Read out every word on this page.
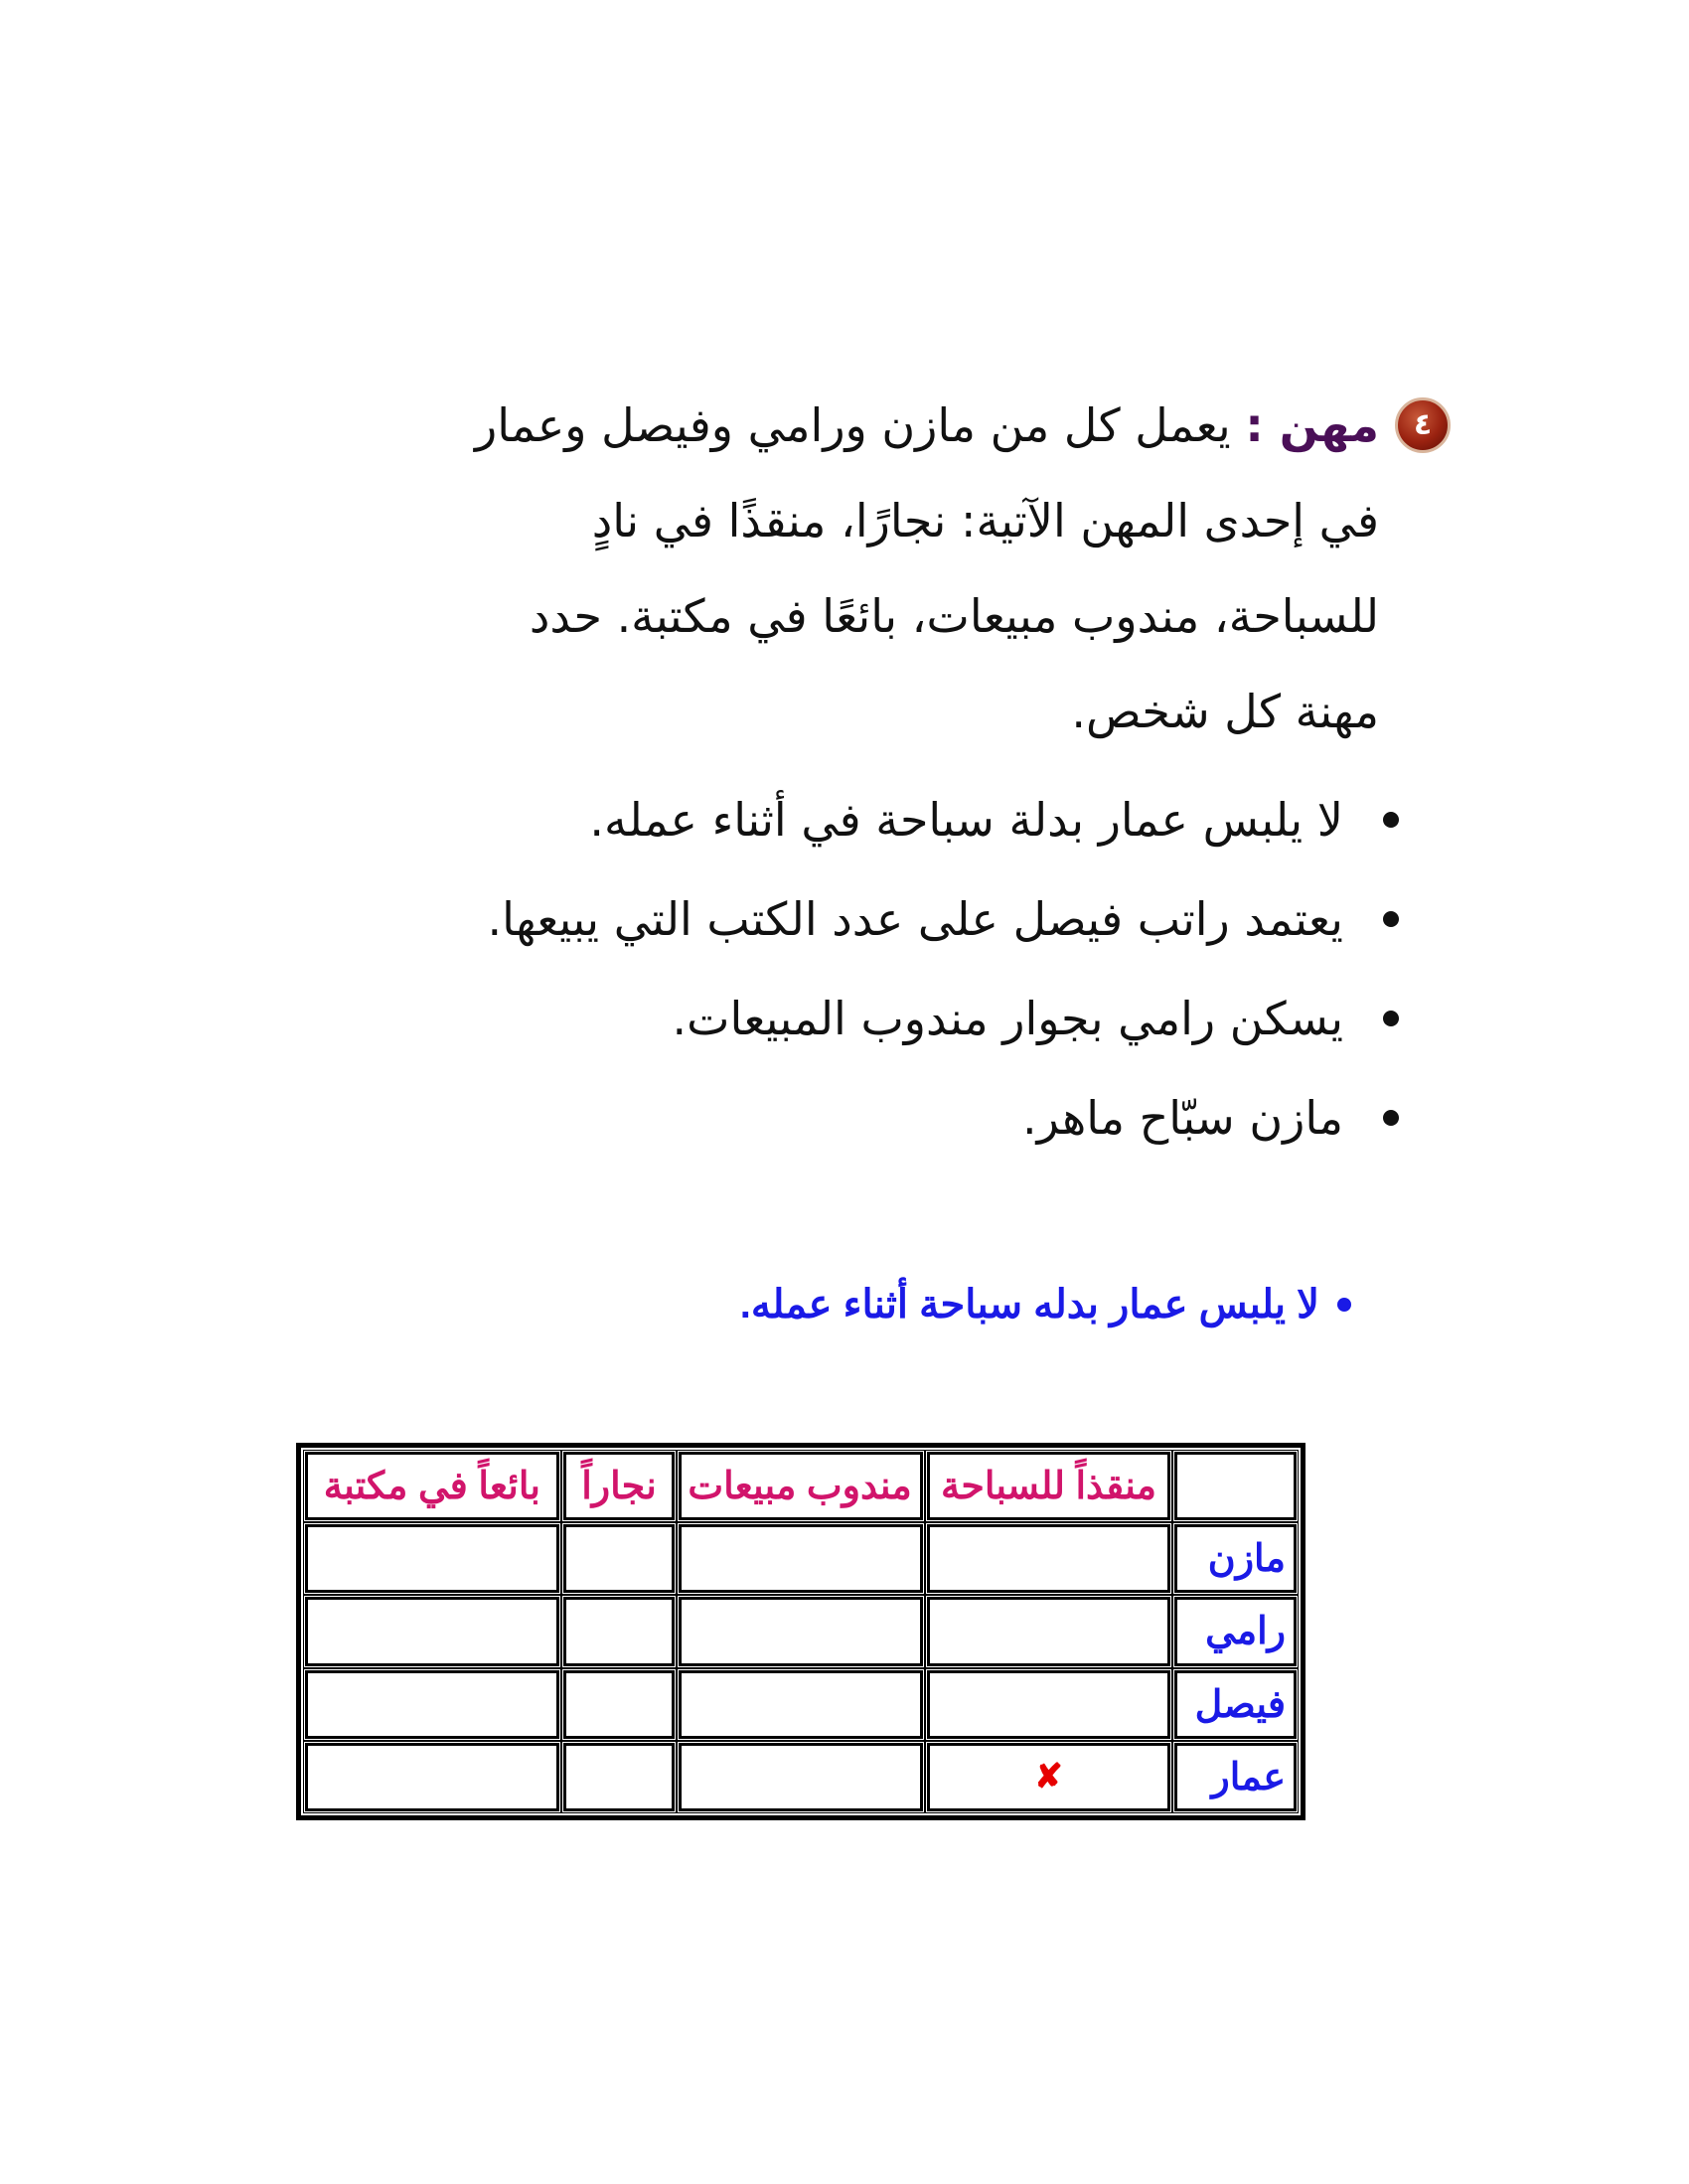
٤
مهن : يعمل كل من مازن ورامي وفيصل وعمار في إحدى المهن الآتية: نجارًا، منقذًا في نادٍ للسباحة، مندوب مبيعات، بائعًا في مكتبة. حدد مهنة كل شخص.
لا يلبس عمار بدلة سباحة في أثناء عمله.
يعتمد راتب فيصل على عدد الكتب التي يبيعها.
يسكن رامي بجوار مندوب المبيعات.
مازن سبّاح ماهر.
لا يلبس عمار بدله سباحة أثناء عمله.
	منقذاً للسباحة	مندوب مبيعات	نجاراً	بائعاً في مكتبة
مازن				
رامي				
فيصل				
عمار	✘			
